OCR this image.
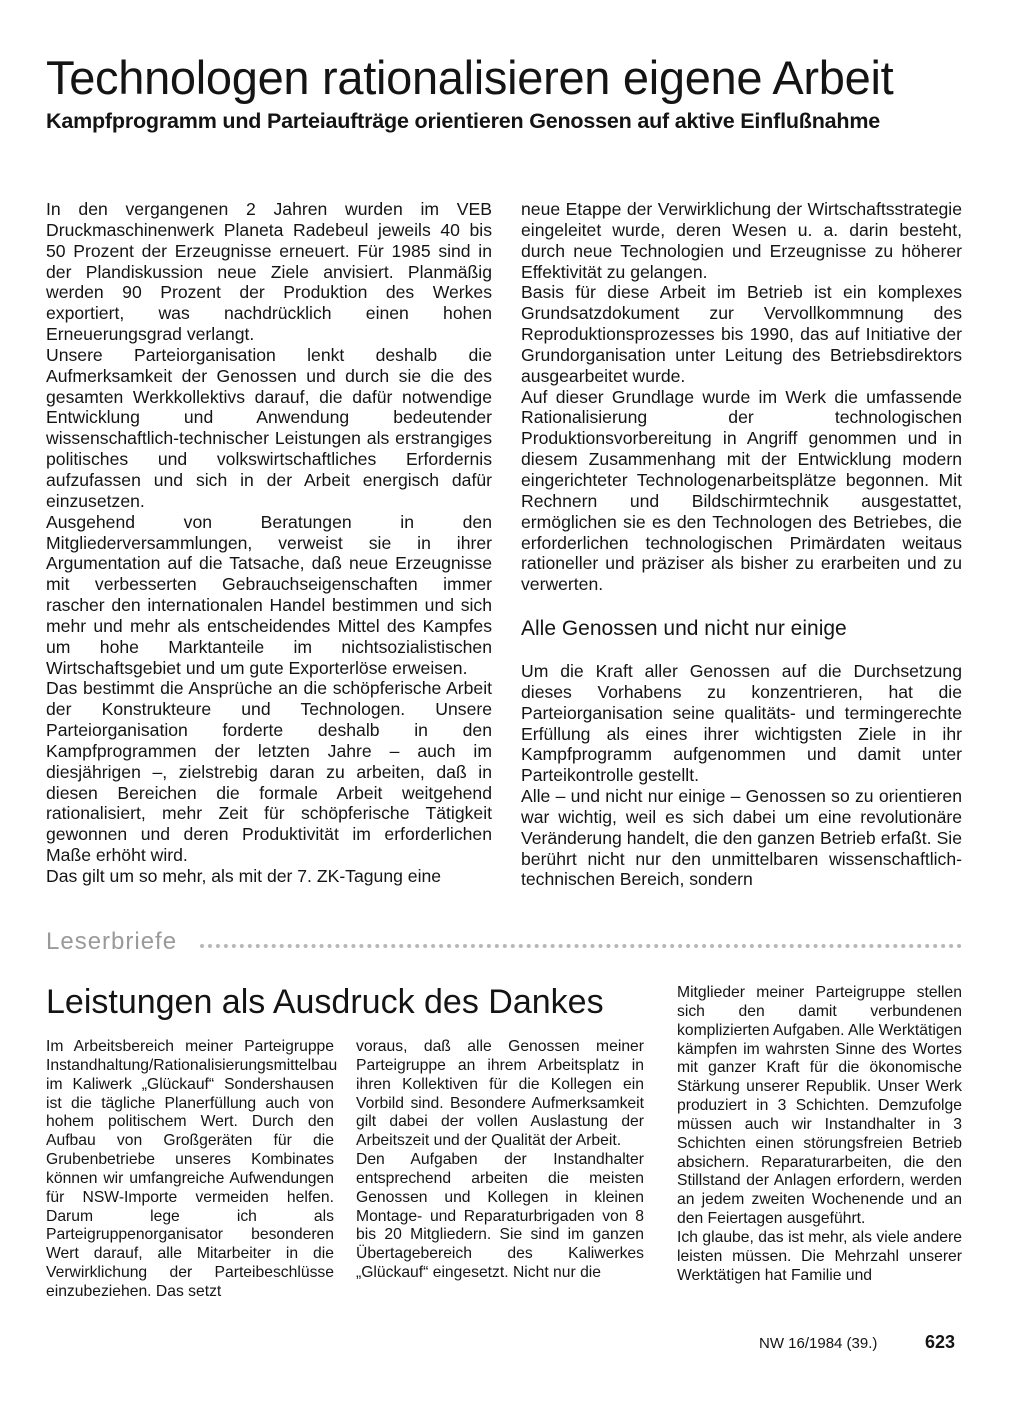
Technologen rationalisieren eigene Arbeit
Kampfprogramm und Parteiaufträge orientieren Genossen auf aktive Einflußnahme

In den vergangenen 2 Jahren wurden im VEB Druckmaschinenwerk Planeta Radebeul jeweils 40 bis 50 Prozent der Erzeugnisse erneuert. Für 1985 sind in der Plandiskussion neue Ziele anvisiert. Planmäßig werden 90 Prozent der Produktion des Werkes exportiert, was nachdrücklich einen hohen Erneuerungsgrad verlangt.

Unsere Parteiorganisation lenkt deshalb die Aufmerksamkeit der Genossen und durch sie die des gesamten Werkkollektivs darauf, die dafür notwendige Entwicklung und Anwendung bedeutender wissenschaftlich-technischer Leistungen als erstrangiges politisches und volkswirtschaftliches Erfordernis aufzufassen und sich in der Arbeit energisch dafür einzusetzen.

Ausgehend von Beratungen in den Mitgliederversammlungen, verweist sie in ihrer Argumentation auf die Tatsache, daß neue Erzeugnisse mit verbesserten Gebrauchseigenschaften immer rascher den internationalen Handel bestimmen und sich mehr und mehr als entscheidendes Mittel des Kampfes um hohe Marktanteile im nichtsozialistischen Wirtschaftsgebiet und um gute Exporterlöse erweisen.

Das bestimmt die Ansprüche an die schöpferische Arbeit der Konstrukteure und Technologen. Unsere Parteiorganisation forderte deshalb in den Kampfprogrammen der letzten Jahre – auch im diesjährigen –, zielstrebig daran zu arbeiten, daß in diesen Bereichen die formale Arbeit weitgehend rationalisiert, mehr Zeit für schöpferische Tätigkeit gewonnen und deren Produktivität im erforderlichen Maße erhöht wird.

Das gilt um so mehr, als mit der 7. ZK-Tagung eine

neue Etappe der Verwirklichung der Wirtschaftsstrategie eingeleitet wurde, deren Wesen u. a. darin besteht, durch neue Technologien und Erzeugnisse zu höherer Effektivität zu gelangen.

Basis für diese Arbeit im Betrieb ist ein komplexes Grundsatzdokument zur Vervollkommnung des Reproduktionsprozesses bis 1990, das auf Initiative der Grundorganisation unter Leitung des Betriebsdirektors ausgearbeitet wurde.

Auf dieser Grundlage wurde im Werk die umfassende Rationalisierung der technologischen Produktionsvorbereitung in Angriff genommen und in diesem Zusammenhang mit der Entwicklung modern eingerichteter Technologenarbeitsplätze begonnen. Mit Rechnern und Bildschirmtechnik ausgestattet, ermöglichen sie es den Technologen des Betriebes, die erforderlichen technologischen Primärdaten weitaus rationeller und präziser als bisher zu erarbeiten und zu verwerten.

Alle Genossen und nicht nur einige

Um die Kraft aller Genossen auf die Durchsetzung dieses Vorhabens zu konzentrieren, hat die Parteiorganisation seine qualitäts- und termingerechte Erfüllung als eines ihrer wichtigsten Ziele in ihr Kampfprogramm aufgenommen und damit unter Parteikontrolle gestellt.

Alle – und nicht nur einige – Genossen so zu orientieren war wichtig, weil es sich dabei um eine revolutionäre Veränderung handelt, die den ganzen Betrieb erfaßt. Sie berührt nicht nur den unmittelbaren wissenschaftlich-technischen Bereich, sondern

Leserbriefe
Leistungen als Ausdruck des Dankes

Im Arbeitsbereich meiner Parteigruppe Instandhaltung/Rationalisierungsmittelbau im Kaliwerk „Glückauf“ Sondershausen ist die tägliche Planerfüllung auch von hohem politischem Wert. Durch den Aufbau von Großgeräten für die Grubenbetriebe unseres Kombinates können wir umfangreiche Aufwendungen für NSW-Importe vermeiden helfen. Darum lege ich als Parteigruppenorganisator besonderen Wert darauf, alle Mitarbeiter in die Verwirklichung der Parteibeschlüsse einzubeziehen. Das setzt

voraus, daß alle Genossen meiner Parteigruppe an ihrem Arbeitsplatz in ihren Kollektiven für die Kollegen ein Vorbild sind. Besondere Aufmerksamkeit gilt dabei der vollen Auslastung der Arbeitszeit und der Qualität der Arbeit.

Den Aufgaben der Instandhalter entsprechend arbeiten die meisten Genossen und Kollegen in kleinen Montage- und Reparaturbrigaden von 8 bis 20 Mitgliedern. Sie sind im ganzen Übertagebereich des Kaliwerkes „Glückauf“ eingesetzt. Nicht nur die

Mitglieder meiner Parteigruppe stellen sich den damit verbundenen komplizierten Aufgaben. Alle Werktätigen kämpfen im wahrsten Sinne des Wortes mit ganzer Kraft für die ökonomische Stärkung unserer Republik. Unser Werk produziert in 3 Schichten. Demzufolge müssen auch wir Instandhalter in 3 Schichten einen störungsfreien Betrieb absichern. Reparaturarbeiten, die den Stillstand der Anlagen erfordern, werden an jedem zweiten Wochenende und an den Feiertagen ausgeführt.

Ich glaube, das ist mehr, als viele andere leisten müssen. Die Mehrzahl unserer Werktätigen hat Familie und

NW 16/1984 (39.)	623
